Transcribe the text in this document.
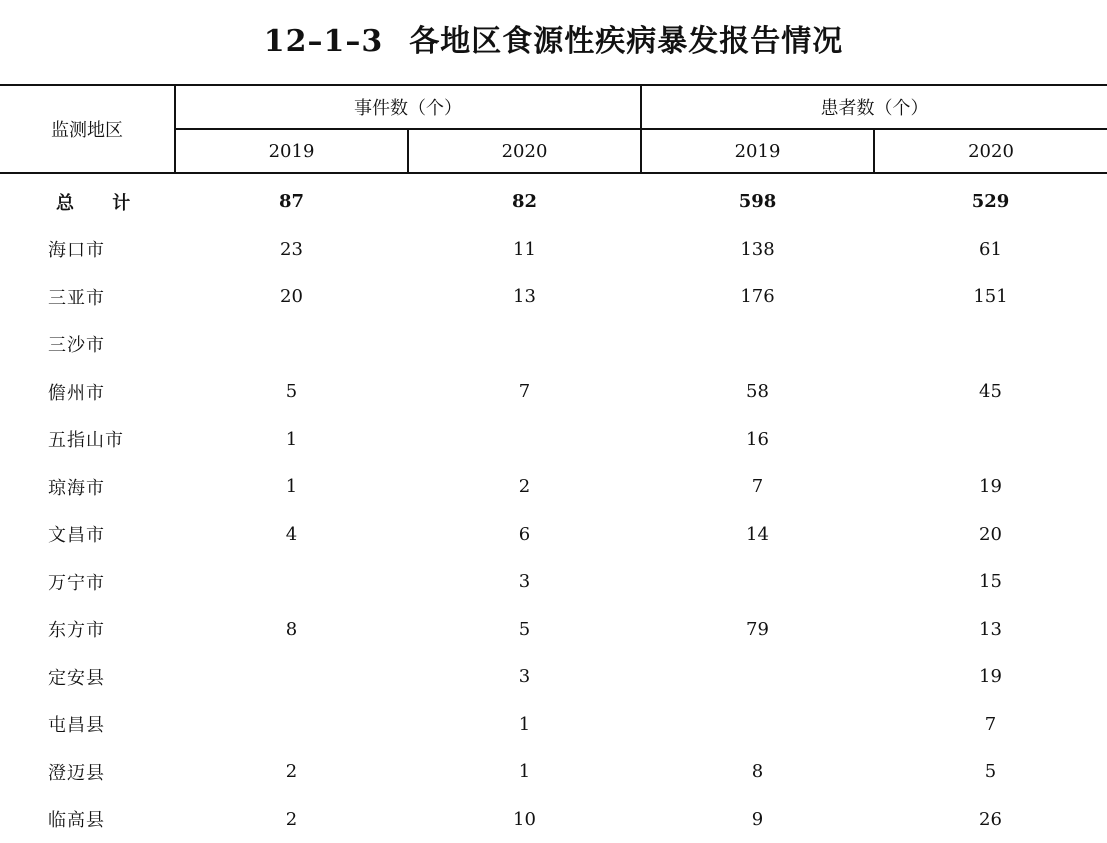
12–1–3 各地区食源性疾病暴发报告情况
监测地区	事件数（个）		患者数（个）	
	2019	2020	2019	2020
总 计	87	82	598	529
海口市	23	11	138	61
三亚市	20	13	176	151
三沙市				
儋州市	5	7	58	45
五指山市	1		16	
琼海市	1	2	7	19
文昌市	4	6	14	20
万宁市		3		15
东方市	8	5	79	13
定安县		3		19
屯昌县		1		7
澄迈县	2	1	8	5
临高县	2	10	9	26
